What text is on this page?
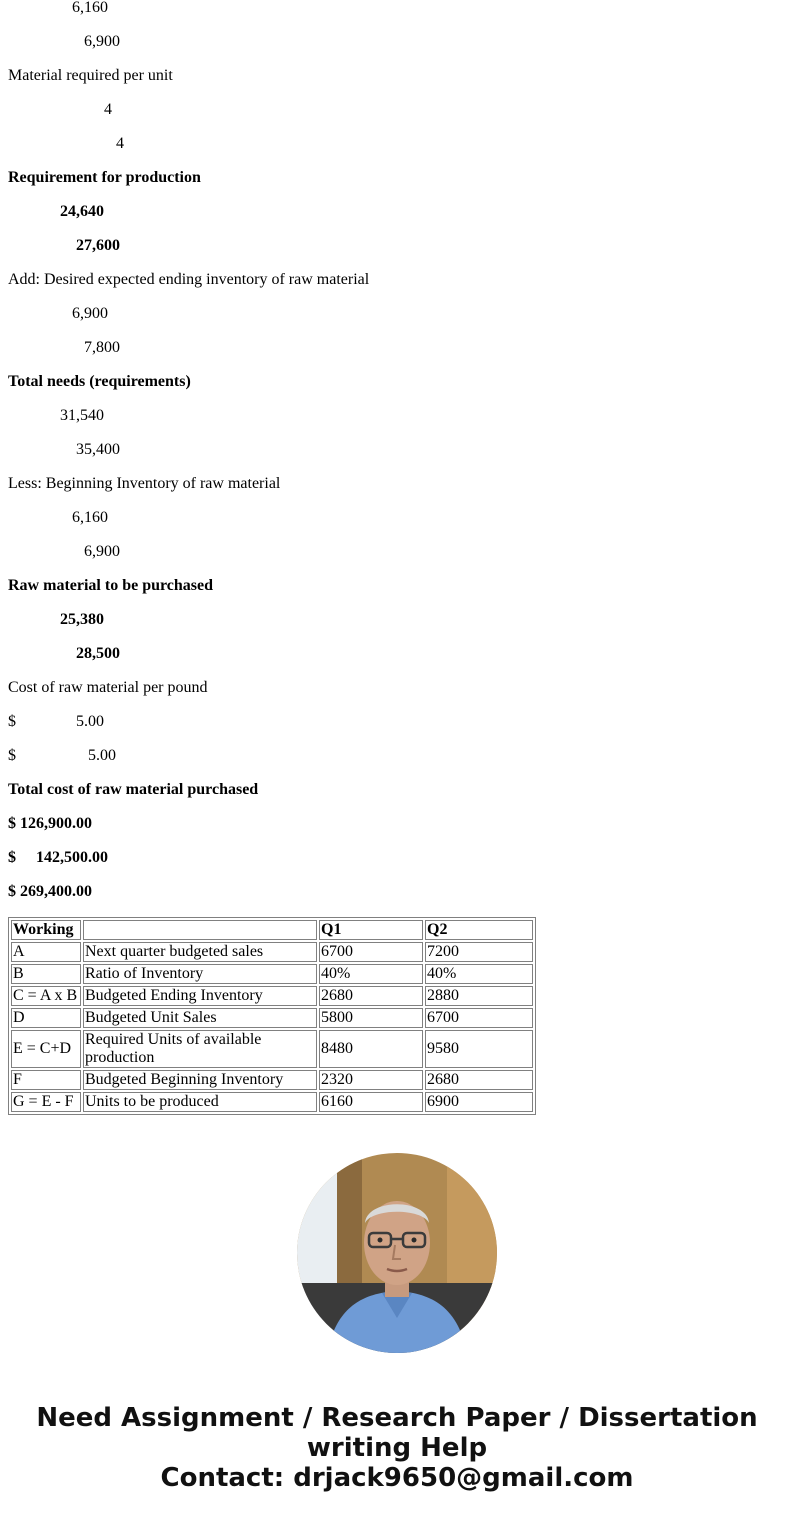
6,160
6,900
Material required per unit
4
4
Requirement for production
24,640
27,600
Add: Desired expected ending inventory of raw material
6,900
7,800
Total needs (requirements)
31,540
35,400
Less: Beginning Inventory of raw material
6,160
6,900
Raw material to be purchased
25,380
28,500
Cost of raw material per pound
$	5.00
$	5.00
Total cost of raw material purchased
$ 126,900.00
$ 142,500.00
$ 269,400.00
Working		Q1	Q2
A	Next quarter budgeted sales	6700	7200
B	Ratio of Inventory	40%	40%
C = A x B	Budgeted Ending Inventory	2680	2880
D	Budgeted Unit Sales	5800	6700
E = C+D	Required Units of available production	8480	9580
F	Budgeted Beginning Inventory	2320	2680
G = E - F	Units to be produced	6160	6900
Need Assignment / Research Paper / Dissertation
writing Help
Contact: drjack9650@gmail.com
